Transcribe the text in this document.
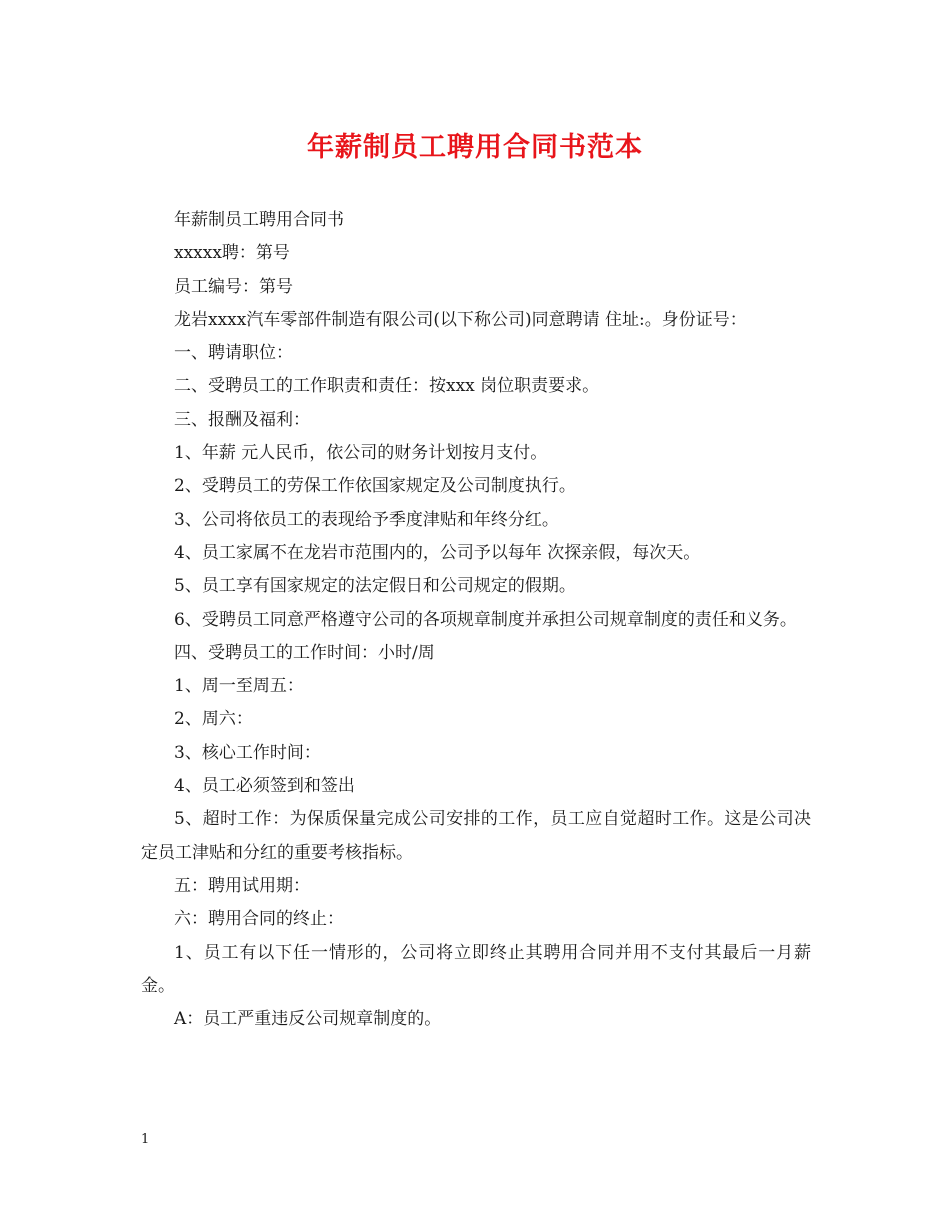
年薪制员工聘用合同书范本

年薪制员工聘用合同书

xxxxx聘：第号

员工编号：第号

龙岩xxxx汽车零部件制造有限公司(以下称公司)同意聘请 住址:。身份证号：

一、聘请职位：

二、受聘员工的工作职责和责任：按xxx 岗位职责要求。

三、报酬及福利：

1、年薪 元人民币，依公司的财务计划按月支付。

2、受聘员工的劳保工作依国家规定及公司制度执行。

3、公司将依员工的表现给予季度津贴和年终分红。

4、员工家属不在龙岩市范围内的，公司予以每年 次探亲假，每次天。

5、员工享有国家规定的法定假日和公司规定的假期。

6、受聘员工同意严格遵守公司的各项规章制度并承担公司规章制度的责任和义务。

四、受聘员工的工作时间：小时/周

1、周一至周五：

2、周六：

3、核心工作时间：

4、员工必须签到和签出

5、超时工作：为保质保量完成公司安排的工作，员工应自觉超时工作。这是公司决定员工津贴和分红的重要考核指标。

五：聘用试用期：

六：聘用合同的终止：

1、员工有以下任一情形的，公司将立即终止其聘用合同并用不支付其最后一月薪金。

A：员工严重违反公司规章制度的。

1
